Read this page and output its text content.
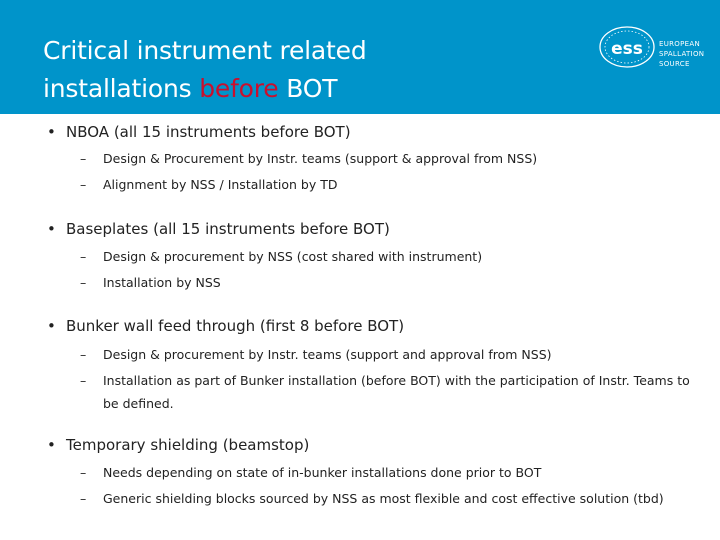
Critical instrument related
installations before BOT
ess EUROPEAN
SPALLATION
SOURCE
• NBOA (all 15 instruments before BOT)
– Design & Procurement by Instr. teams (support & approval from NSS)
– Alignment by NSS / Installation by TD
• Baseplates (all 15 instruments before BOT)
– Design & procurement by NSS (cost shared with instrument)
– Installation by NSS
• Bunker wall feed through (first 8 before BOT)
– Design & procurement by Instr. teams (support and approval from NSS)
– Installation as part of Bunker installation (before BOT) with the participation of Instr. Teams to be defined.
• Temporary shielding (beamstop)
– Needs depending on state of in-bunker installations done prior to BOT
– Generic shielding blocks sourced by NSS as most flexible and cost effective solution (tbd)
